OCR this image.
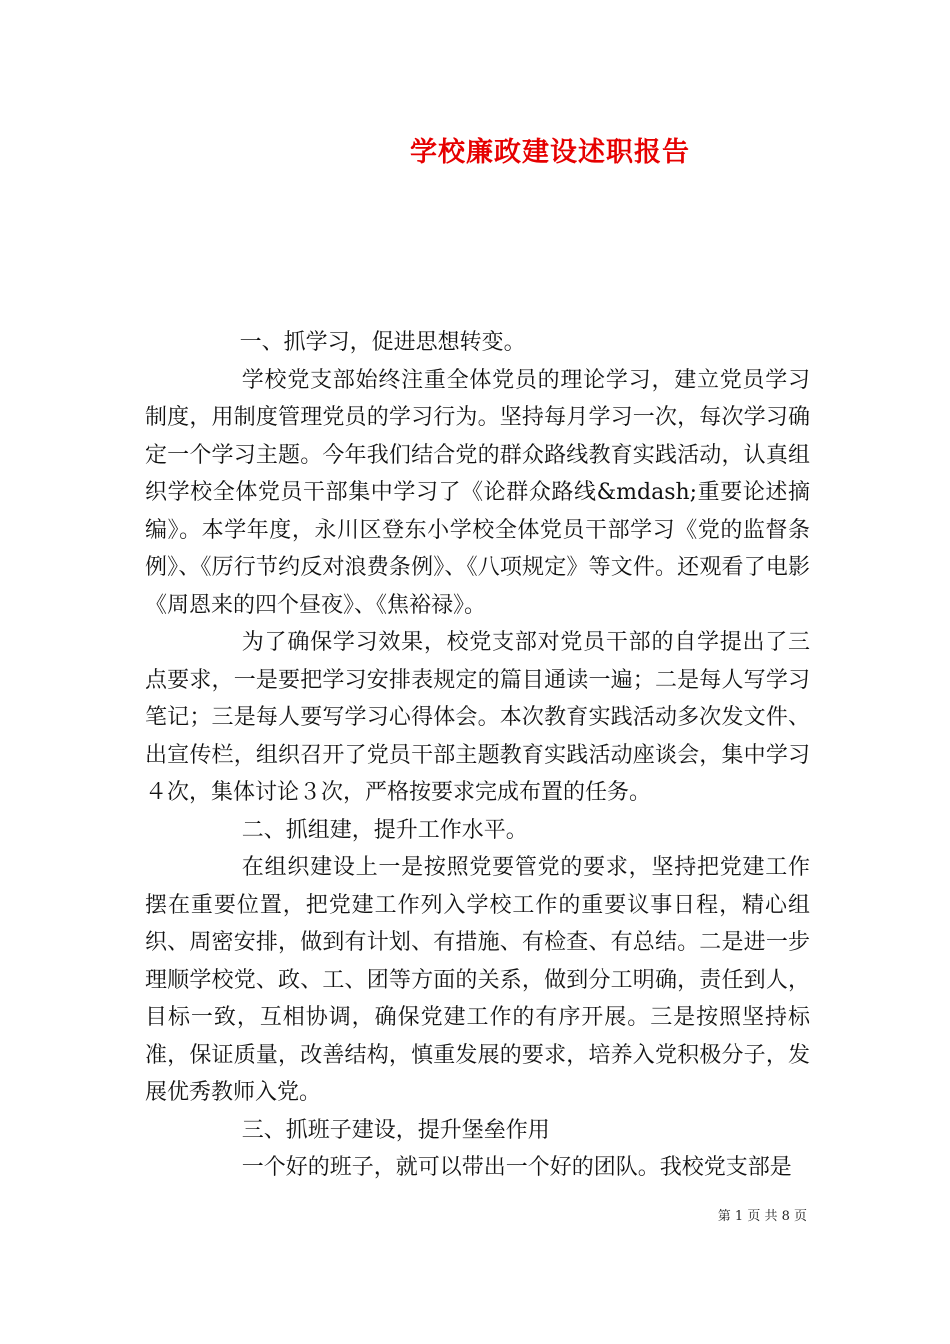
学校廉政建设述职报告

一、抓学习，促进思想转变。

学校党支部始终注重全体党员的理论学习，建立党员学习制度，用制度管理党员的学习行为。坚持每月学习一次，每次学习确定一个学习主题。今年我们结合党的群众路线教育实践活动，认真组织学校全体党员干部集中学习了《论群众路线&mdash;重要论述摘编》。本学年度，永川区登东小学校全体党员干部学习《党的监督条例》、《厉行节约反对浪费条例》、《八项规定》等文件。还观看了电影《周恩来的四个昼夜》、《焦裕禄》。

为了确保学习效果，校党支部对党员干部的自学提出了三点要求，一是要把学习安排表规定的篇目通读一遍；二是每人写学习笔记；三是每人要写学习心得体会。本次教育实践活动多次发文件、出宣传栏，组织召开了党员干部主题教育实践活动座谈会，集中学习４次，集体讨论３次，严格按要求完成布置的任务。

二、抓组建，提升工作水平。

在组织建设上一是按照党要管党的要求，坚持把党建工作摆在重要位置，把党建工作列入学校工作的重要议事日程，精心组织、周密安排，做到有计划、有措施、有检查、有总结。二是进一步理顺学校党、政、工、团等方面的关系，做到分工明确，责任到人，目标一致，互相协调，确保党建工作的有序开展。三是按照坚持标准，保证质量，改善结构，慎重发展的要求，培养入党积极分子，发展优秀教师入党。

三、抓班子建设，提升堡垒作用

一个好的班子，就可以带出一个好的团队。我校党支部是

第 1 页 共 8 页
